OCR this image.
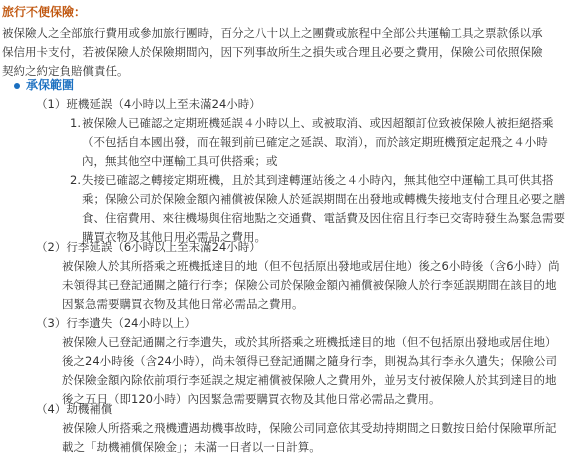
旅行不便保險：
被保險人之全部旅行費用或參加旅行團時，百分之八十以上之團費或旅程中全部公共運輸工具之票款係以承
保信用卡支付，若被保險人於保險期間內，因下列事故所生之損失或合理且必要之費用，保險公司依照保險
契約之約定負賠償責任。
承保範圍
（1）班機延誤（4小時以上至未滿24小時）
1. 被保險人已確認之定期班機延誤４小時以上、或被取消、或因超額訂位致被保險人被拒絕搭乘
（不包括自本國出發，而在報到前已確定之延誤、取消），而於該定期班機預定起飛之４小時
內，無其他空中運輸工具可供搭乘；或
2. 失接已確認之轉接定期班機，且於其到達轉運站後之４小時內，無其他空中運輸工具可供其搭
乘；保險公司於保險金額內補償被保險人於延誤期間在出發地或轉機失接地支付合理且必要之膳
食、住宿費用、來往機場與住宿地點之交通費、電話費及因住宿且行李已交寄時發生為緊急需要
購買衣物及其他日用必需品之費用。
（2）行李延誤（6小時以上至未滿24小時）
被保險人於其所搭乘之班機抵達目的地（但不包括原出發地或居住地）後之6小時後（含6小時）尚
未領得其已登記通關之隨行行李；保險公司於保險金額內補償被保險人於行李延誤期間在該目的地
因緊急需要購買衣物及其他日常必需品之費用。
（3）行李遺失（24小時以上）
被保險人已登記通關之行李遺失，或於其所搭乘之班機抵達目的地（但不包括原出發地或居住地）
後之24小時後（含24小時），尚未領得已登記通關之隨身行李，則視為其行李永久遺失；保險公司
於保險金額內除依前項行李延誤之規定補償被保險人之費用外，並另支付被保險人於其到達目的地
後之五日（即120小時）內因緊急需要購買衣物及其他日常必需品之費用。
（4）劫機補償
被保險人所搭乘之飛機遭遇劫機事故時，保險公司同意依其受劫持期間之日數按日給付保險單所記
載之「劫機補償保險金」；未滿一日者以一日計算。
